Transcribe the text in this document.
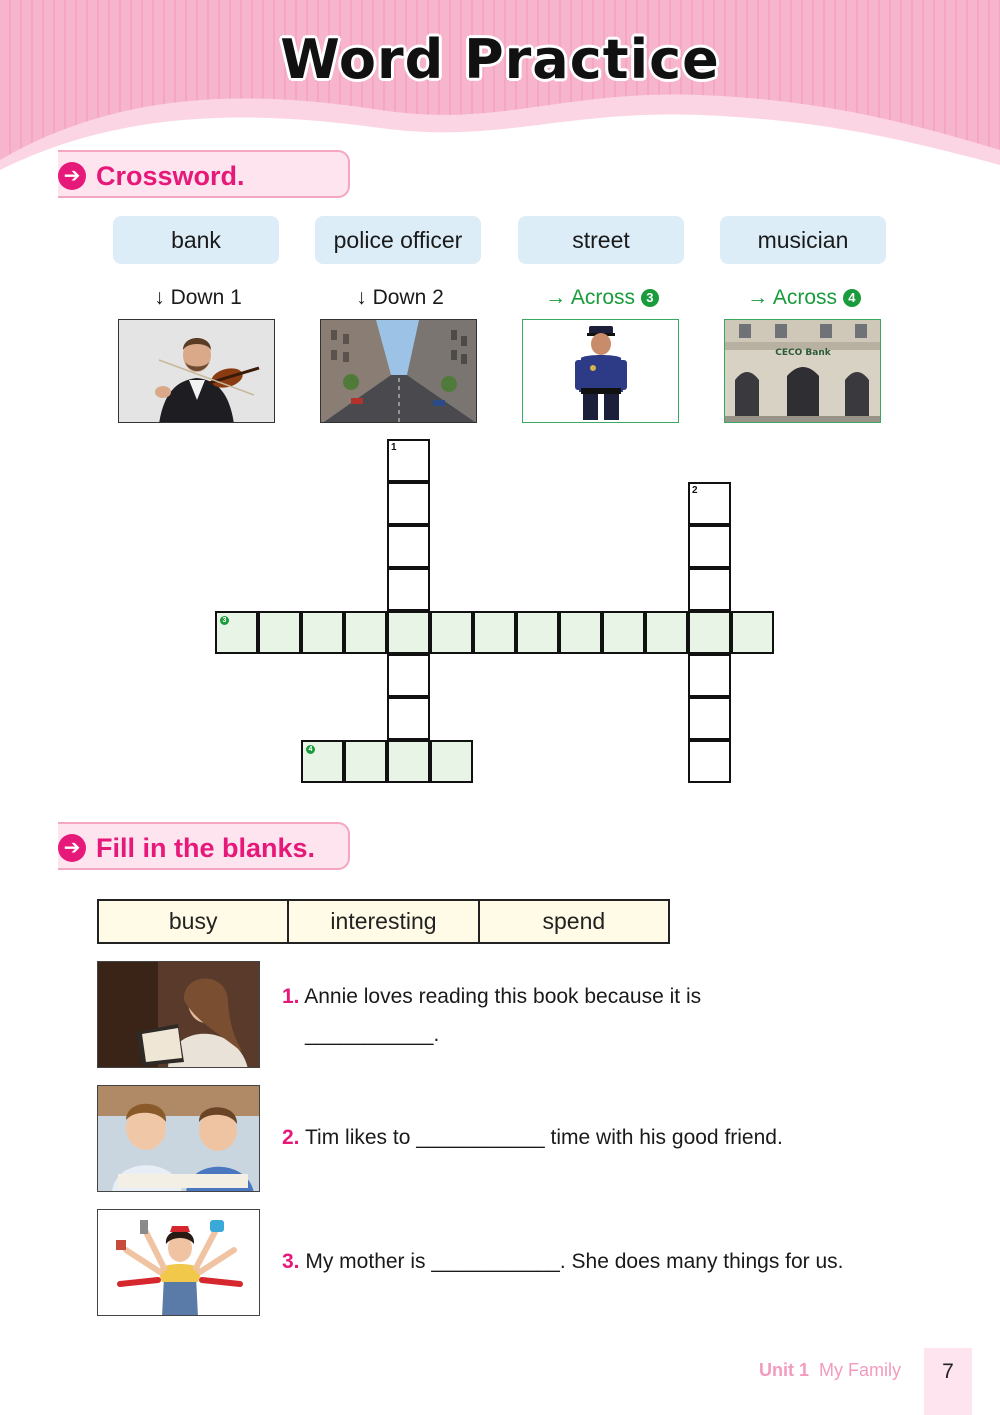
Word Practice
➔ Crossword.
bank	police officer	street	musician
↓ Down 1	↓ Down 2	→ Across 3	→ Across 4
CECO Bank
1
2
3
4
➔ Fill in the blanks.
busy	interesting	spend
1. Annie loves reading this book because it is
___________.
2. Tim likes to ___________ time with his good friend.
3. My mother is ___________. She does many things for us.
Unit 1 My Family	7
